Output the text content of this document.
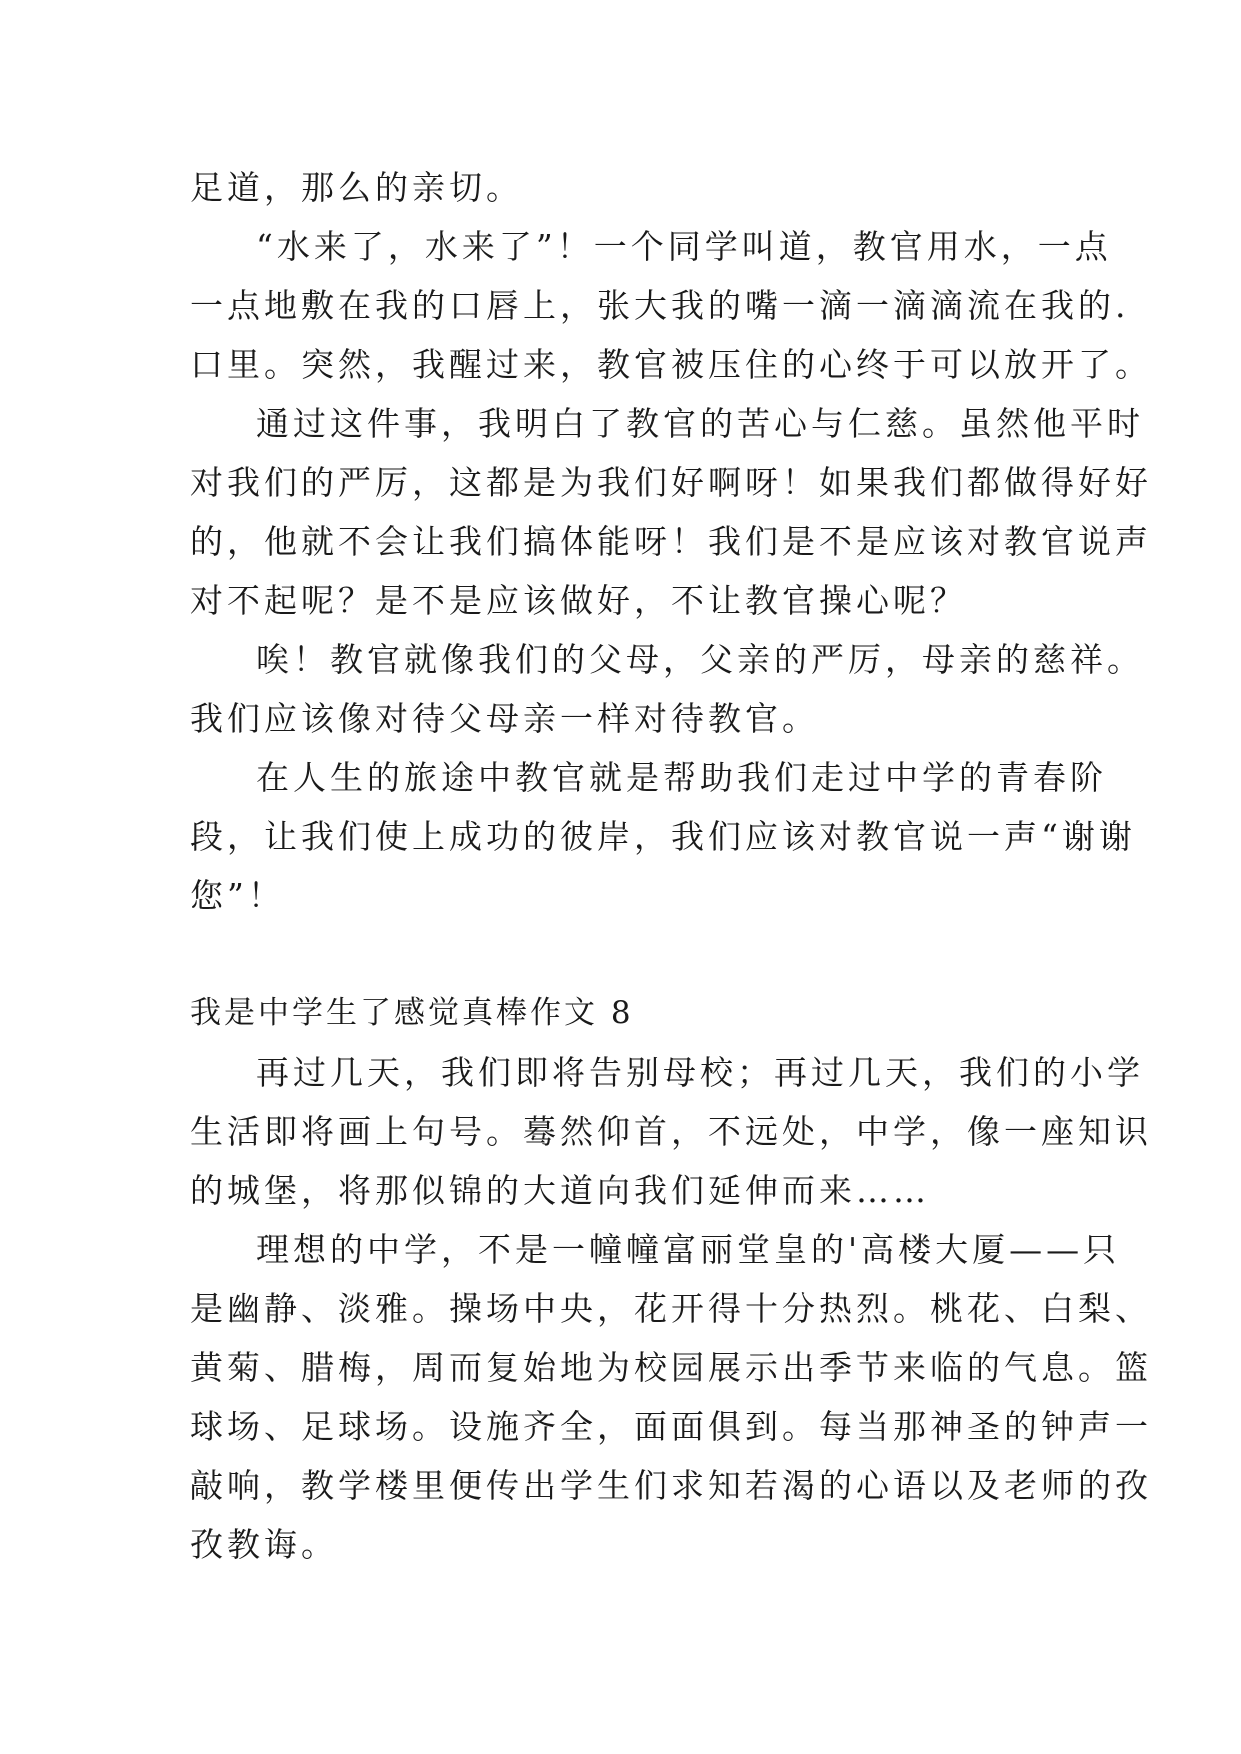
足道，那么的亲切。
“水来了，水来了”！一个同学叫道，教官用水，一点
一点地敷在我的口唇上，张大我的嘴一滴一滴滴流在我的.
口里。突然，我醒过来，教官被压住的心终于可以放开了。
通过这件事，我明白了教官的苦心与仁慈。虽然他平时
对我们的严厉，这都是为我们好啊呀！如果我们都做得好好
的，他就不会让我们搞体能呀！我们是不是应该对教官说声
对不起呢？是不是应该做好，不让教官操心呢？
唉！教官就像我们的父母，父亲的严厉，母亲的慈祥。
我们应该像对待父母亲一样对待教官。
在人生的旅途中教官就是帮助我们走过中学的青春阶
段，让我们使上成功的彼岸，我们应该对教官说一声“谢谢
您”！
我是中学生了感觉真棒作文 8
再过几天，我们即将告别母校；再过几天，我们的小学
生活即将画上句号。蓦然仰首，不远处，中学，像一座知识
的城堡，将那似锦的大道向我们延伸而来……
理想的中学，不是一幢幢富丽堂皇的'高楼大厦——只
是幽静、淡雅。操场中央，花开得十分热烈。桃花、白梨、
黄菊、腊梅，周而复始地为校园展示出季节来临的气息。篮
球场、足球场。设施齐全，面面俱到。每当那神圣的钟声一
敲响，教学楼里便传出学生们求知若渴的心语以及老师的孜
孜教诲。
